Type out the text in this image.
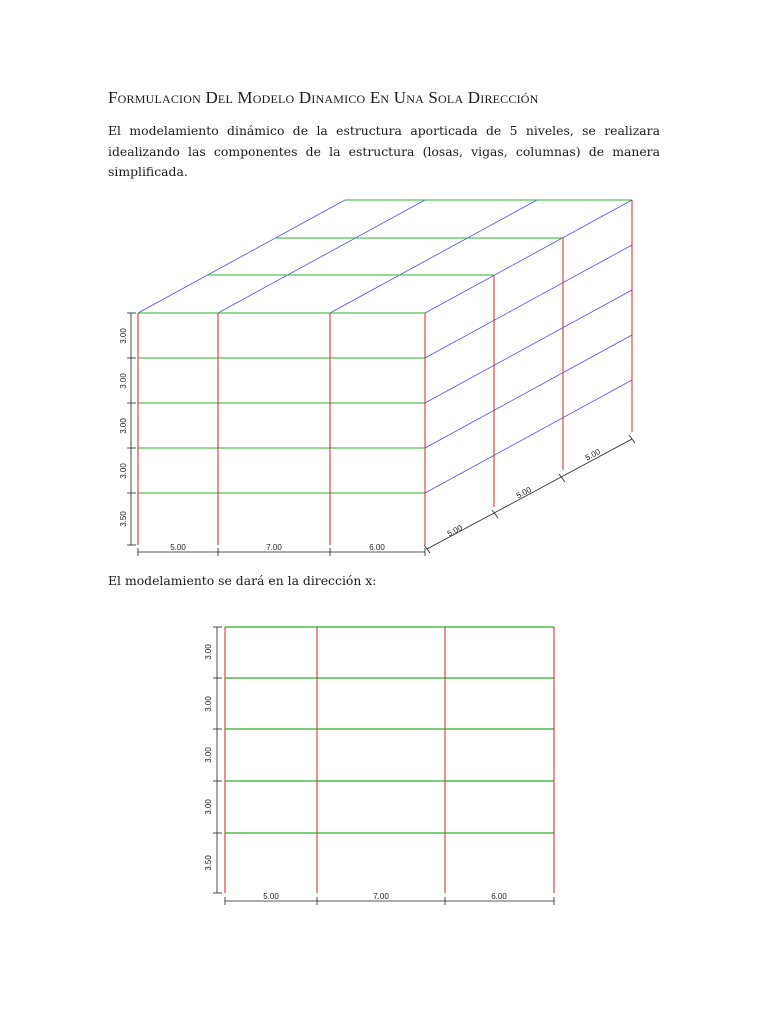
Formulacion Del Modelo Dinamico En Una Sola Dirección

El modelamiento dinámico de la estructura aporticada de 5 niveles, se realizara idealizando las componentes de la estructura (losas, vigas, columnas) de manera simplificada.

3.00
3.00
3.00
3.00
3.50
5.00	7.00	6.00
5.00
5.00
5.00
3.00
3.00
3.00
3.00
3.50
5.00	7.00	6.00

El modelamiento se dará en la dirección x:
